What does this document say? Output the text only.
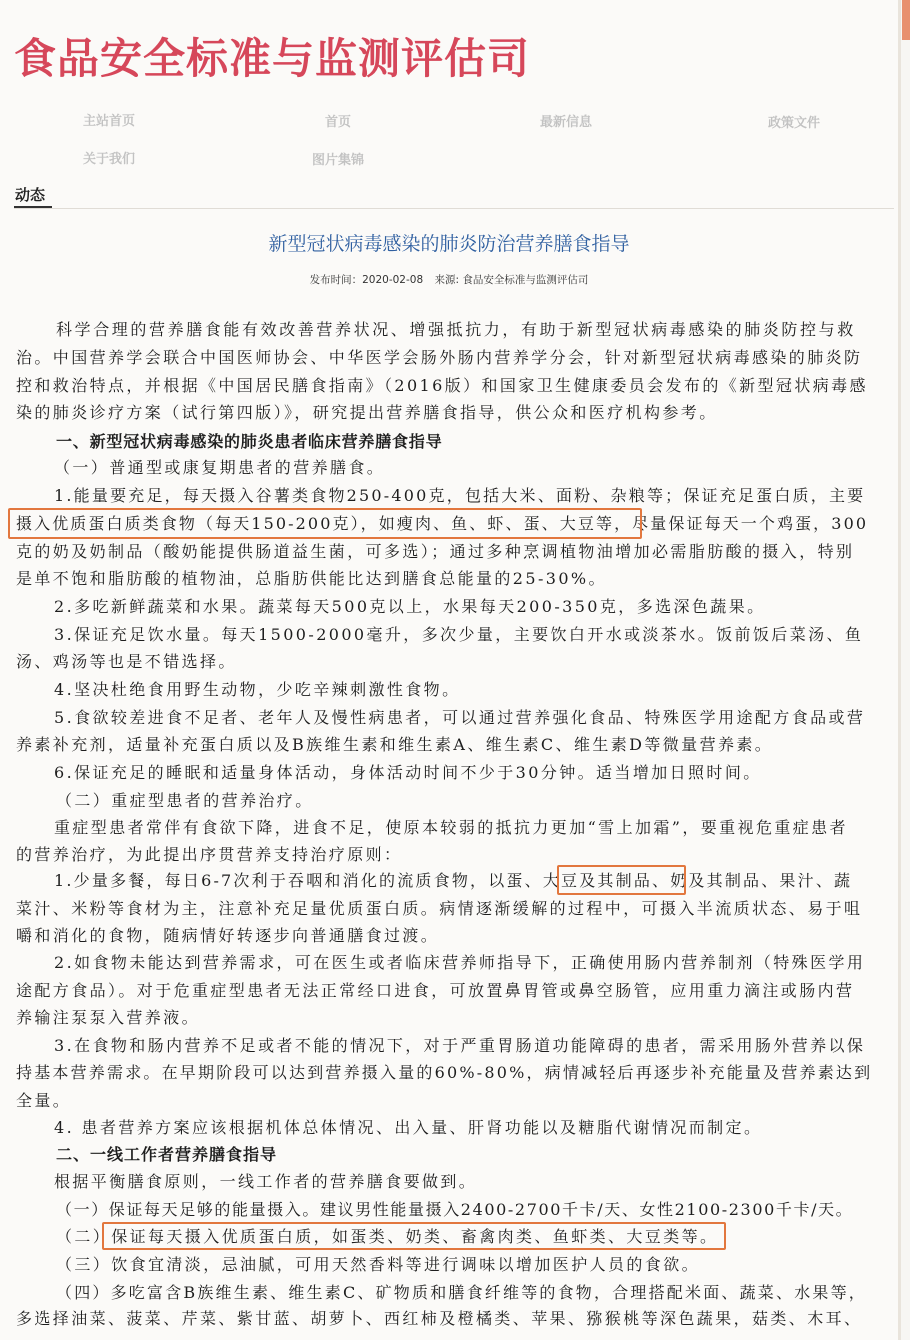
食品安全标准与监测评估司
主站首页	首页	最新信息	政策文件
关于我们	图片集锦
动态
新型冠状病毒感染的肺炎防治营养膳食指导
发布时间：2020-02-08 来源: 食品安全标准与监测评估司
科学合理的营养膳食能有效改善营养状况、增强抵抗力，有助于新型冠状病毒感染的肺炎防控与救
治。中国营养学会联合中国医师协会、中华医学会肠外肠内营养学分会，针对新型冠状病毒感染的肺炎防
控和救治特点，并根据《中国居民膳食指南》（2016版）和国家卫生健康委员会发布的《新型冠状病毒感
染的肺炎诊疗方案（试行第四版）》，研究提出营养膳食指导，供公众和医疗机构参考。
一、新型冠状病毒感染的肺炎患者临床营养膳食指导
（一）普通型或康复期患者的营养膳食。
1.能量要充足，每天摄入谷薯类食物250-400克，包括大米、面粉、杂粮等；保证充足蛋白质，主要
摄入优质蛋白质类食物（每天150-200克），如瘦肉、鱼、虾、蛋、大豆等，尽量保证每天一个鸡蛋，300
克的奶及奶制品（酸奶能提供肠道益生菌，可多选）；通过多种烹调植物油增加必需脂肪酸的摄入，特别
是单不饱和脂肪酸的植物油，总脂肪供能比达到膳食总能量的25-30%。
2.多吃新鲜蔬菜和水果。蔬菜每天500克以上，水果每天200-350克，多选深色蔬果。
3.保证充足饮水量。每天1500-2000毫升，多次少量，主要饮白开水或淡茶水。饭前饭后菜汤、鱼
汤、鸡汤等也是不错选择。
4.坚决杜绝食用野生动物，少吃辛辣刺激性食物。
5.食欲较差进食不足者、老年人及慢性病患者，可以通过营养强化食品、特殊医学用途配方食品或营
养素补充剂，适量补充蛋白质以及B族维生素和维生素A、维生素C、维生素D等微量营养素。
6.保证充足的睡眠和适量身体活动，身体活动时间不少于30分钟。适当增加日照时间。
（二）重症型患者的营养治疗。
重症型患者常伴有食欲下降，进食不足，使原本较弱的抵抗力更加“雪上加霜”，要重视危重症患者
的营养治疗，为此提出序贯营养支持治疗原则：
1.少量多餐，每日6-7次利于吞咽和消化的流质食物，以蛋、大豆及其制品、奶及其制品、果汁、蔬
菜汁、米粉等食材为主，注意补充足量优质蛋白质。病情逐渐缓解的过程中，可摄入半流质状态、易于咀
嚼和消化的食物，随病情好转逐步向普通膳食过渡。
2.如食物未能达到营养需求，可在医生或者临床营养师指导下，正确使用肠内营养制剂（特殊医学用
途配方食品）。对于危重症型患者无法正常经口进食，可放置鼻胃管或鼻空肠管，应用重力滴注或肠内营
养输注泵泵入营养液。
3.在食物和肠内营养不足或者不能的情况下，对于严重胃肠道功能障碍的患者，需采用肠外营养以保
持基本营养需求。在早期阶段可以达到营养摄入量的60%-80%，病情减轻后再逐步补充能量及营养素达到
全量。
4. 患者营养方案应该根据机体总体情况、出入量、肝肾功能以及糖脂代谢情况而制定。
二、一线工作者营养膳食指导
根据平衡膳食原则，一线工作者的营养膳食要做到。
（一）保证每天足够的能量摄入。建议男性能量摄入2400-2700千卡/天、女性2100-2300千卡/天。
（二）保证每天摄入优质蛋白质，如蛋类、奶类、畜禽肉类、鱼虾类、大豆类等。
（三）饮食宜清淡，忌油腻，可用天然香料等进行调味以增加医护人员的食欲。
（四）多吃富含B族维生素、维生素C、矿物质和膳食纤维等的食物，合理搭配米面、蔬菜、水果等，
多选择油菜、菠菜、芹菜、紫甘蓝、胡萝卜、西红柿及橙橘类、苹果、猕猴桃等深色蔬果，菇类、木耳、
